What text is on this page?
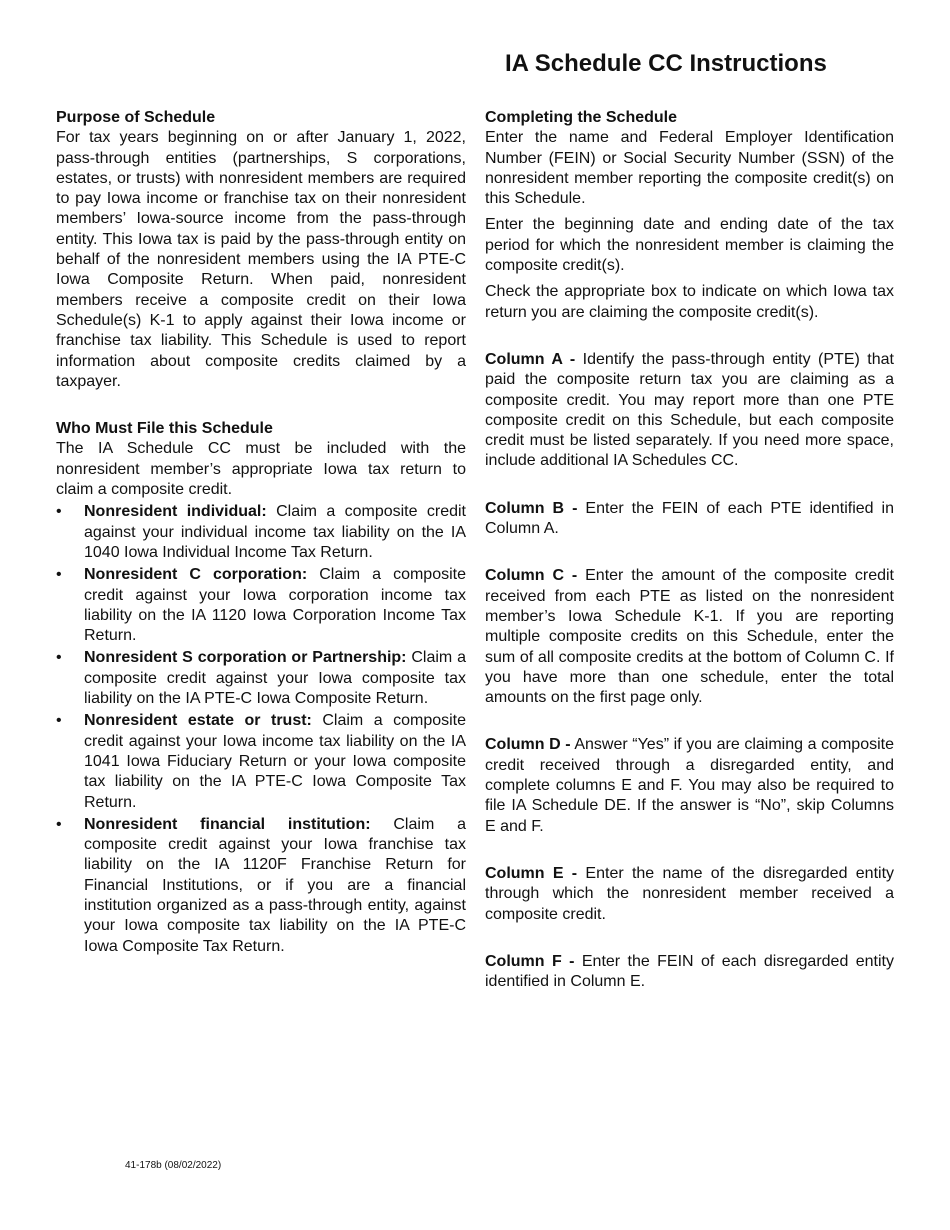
IA Schedule CC Instructions

Purpose of Schedule

For tax years beginning on or after January 1, 2022, pass-through entities (partnerships, S corporations, estates, or trusts) with nonresident members are required to pay Iowa income or franchise tax on their nonresident members’ Iowa-source income from the pass-through entity. This Iowa tax is paid by the pass-through entity on behalf of the nonresident members using the IA PTE-C Iowa Composite Return. When paid, nonresident members receive a composite credit on their Iowa Schedule(s) K-1 to apply against their Iowa income or franchise tax liability. This Schedule is used to report information about composite credits claimed by a taxpayer.

Who Must File this Schedule

The IA Schedule CC must be included with the nonresident member’s appropriate Iowa tax return to claim a composite credit.

• Nonresident individual: Claim a composite credit against your individual income tax liability on the IA 1040 Iowa Individual Income Tax Return.
• Nonresident C corporation: Claim a composite credit against your Iowa corporation income tax liability on the IA 1120 Iowa Corporation Income Tax Return.
• Nonresident S corporation or Partnership: Claim a composite credit against your Iowa composite tax liability on the IA PTE-C Iowa Composite Return.
• Nonresident estate or trust: Claim a composite credit against your Iowa income tax liability on the IA 1041 Iowa Fiduciary Return or your Iowa composite tax liability on the IA PTE-C Iowa Composite Tax Return.
• Nonresident financial institution: Claim a composite credit against your Iowa franchise tax liability on the IA 1120F Franchise Return for Financial Institutions, or if you are a financial institution organized as a pass-through entity, against your Iowa composite tax liability on the IA PTE-C Iowa Composite Tax Return.

Completing the Schedule

Enter the name and Federal Employer Identification Number (FEIN) or Social Security Number (SSN) of the nonresident member reporting the composite credit(s) on this Schedule.

Enter the beginning date and ending date of the tax period for which the nonresident member is claiming the composite credit(s).

Check the appropriate box to indicate on which Iowa tax return you are claiming the composite credit(s).

Column A - Identify the pass-through entity (PTE) that paid the composite return tax you are claiming as a composite credit. You may report more than one PTE composite credit on this Schedule, but each composite credit must be listed separately. If you need more space, include additional IA Schedules CC.

Column B - Enter the FEIN of each PTE identified in Column A.

Column C - Enter the amount of the composite credit received from each PTE as listed on the nonresident member’s Iowa Schedule K-1. If you are reporting multiple composite credits on this Schedule, enter the sum of all composite credits at the bottom of Column C. If you have more than one schedule, enter the total amounts on the first page only.

Column D - Answer “Yes” if you are claiming a composite credit received through a disregarded entity, and complete columns E and F. You may also be required to file IA Schedule DE. If the answer is “No”, skip Columns E and F.

Column E - Enter the name of the disregarded entity through which the nonresident member received a composite credit.

Column F - Enter the FEIN of each disregarded entity identified in Column E.

41-178b (08/02/2022)
